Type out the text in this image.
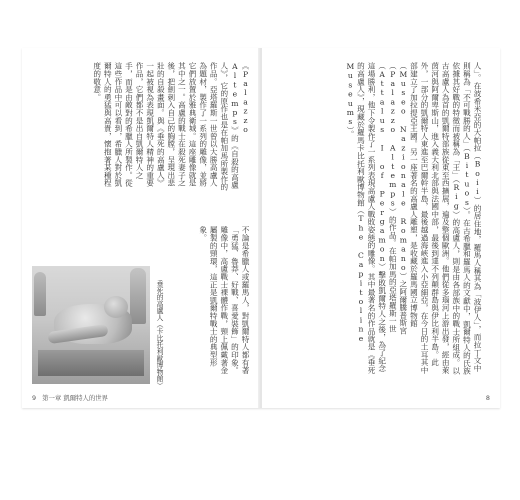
《Palazzo Altemps》的《自殺的高盧人》，它的原作也是在帕加馬所製作的作品。亞塔羅斯一世曾以大勝高盧人為題材，製作了一系列的雕像，並將它們放置於雅典衛城。這座雕像就是其中之一。高盧的戰士在殺死妻子之後，把劍刺入自己的胸膛，呈現出悲壯的自殺畫面。與《垂死的高盧人》一起被視為表現凱爾特人精神的重要作品，它們都不是出自凱爾特人之手，而是由敵對的希臘人所製作。從這些作品中可以看到，希臘人對於凱爾特人的勇猛與高貴，懷抱著某種程度的敬意。
垂死的高盧人（卡比托利歐博物館）	不論是希臘人或羅馬人，對凱爾特人都有著「勇猛、魯莽、好戰、喜愛裝飾」的印象。雕像中，高盧戰士裸體作戰，頸上佩戴著金屬製的頸環，這正是凱爾特戰士的典型形象。
9 第一章 凱爾特人的世界
人」。在波希米亞的大帕拉（Boii）的居住地，羅馬人稱其為「波伊人」，而拉丁文中則稱為「不可戰勝的人」（Bituos）。在古希臘和羅馬人的文獻中，凱爾特人的氏族依據其好戰的特徵而被稱為「王」（Rig）的高盧人，則是由各部族中的戰士所組成。以古高盧人為首的凱爾特部族從東至西擴展，遍及整個歐洲。他們從多瑙河上游出發，經由萊茵河與阿爾卑斯山，進入義大利北部與法國中部，最後到達不列顛群島與伊比利半島。此外，一部分的凱爾特人東進至巴爾幹半島，最後越過海峽進入小亞細亞，在今日的土耳其中部建立了加拉提亞王國。另一座著名的高盧人雕塑，是收藏於羅馬國立博物館（Museo Nazionale Romano）之阿爾騰普斯宮（Palazzo Altemps）的作品。在帕加馬的亞塔羅斯一世（Attalus I of Pergamon）擊敗凱爾特人之後，為了紀念這場勝利，他下令製作了一系列表現高盧人戰敗姿態的雕像。其中最著名的作品就是《垂死的高盧人》，現藏於羅馬卡比托利歐博物館（The Capitoline Museums）。
8
